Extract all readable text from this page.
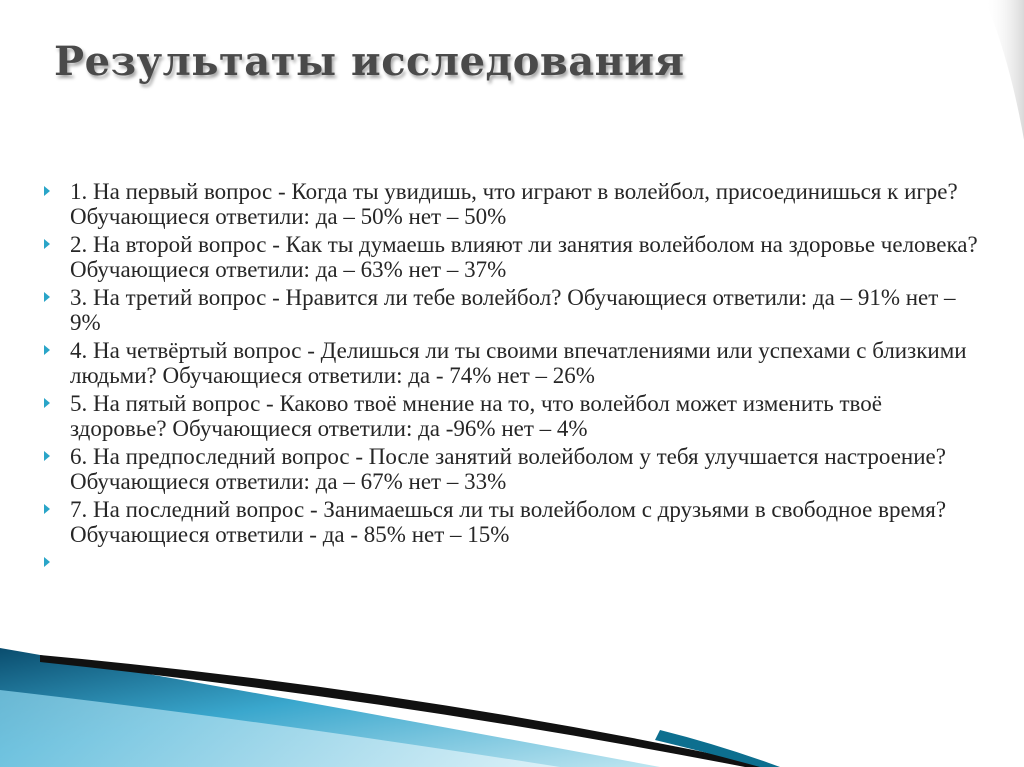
Результаты исследования
1. На первый вопрос - Когда ты увидишь, что играют в волейбол, присоединишься к игре? Обучающиеся ответили: да – 50% нет – 50%
2. На второй вопрос - Как ты думаешь влияют ли занятия волейболом на здоровье человека? Обучающиеся ответили: да – 63% нет – 37%
3. На третий вопрос - Нравится ли тебе волейбол? Обучающиеся ответили: да – 91% нет – 9%
4. На четвёртый вопрос - Делишься ли ты своими впечатлениями или успехами с близкими людьми? Обучающиеся ответили: да - 74% нет – 26%
5. На пятый вопрос - Каково твоё мнение на то, что волейбол может изменить твоё здоровье? Обучающиеся ответили: да -96% нет – 4%
6. На предпоследний вопрос - После занятий волейболом у тебя улучшается настроение? Обучающиеся ответили: да – 67% нет – 33%
7. На последний вопрос - Занимаешься ли ты волейболом с друзьями в свободное время? Обучающиеся ответили - да - 85% нет – 15%
